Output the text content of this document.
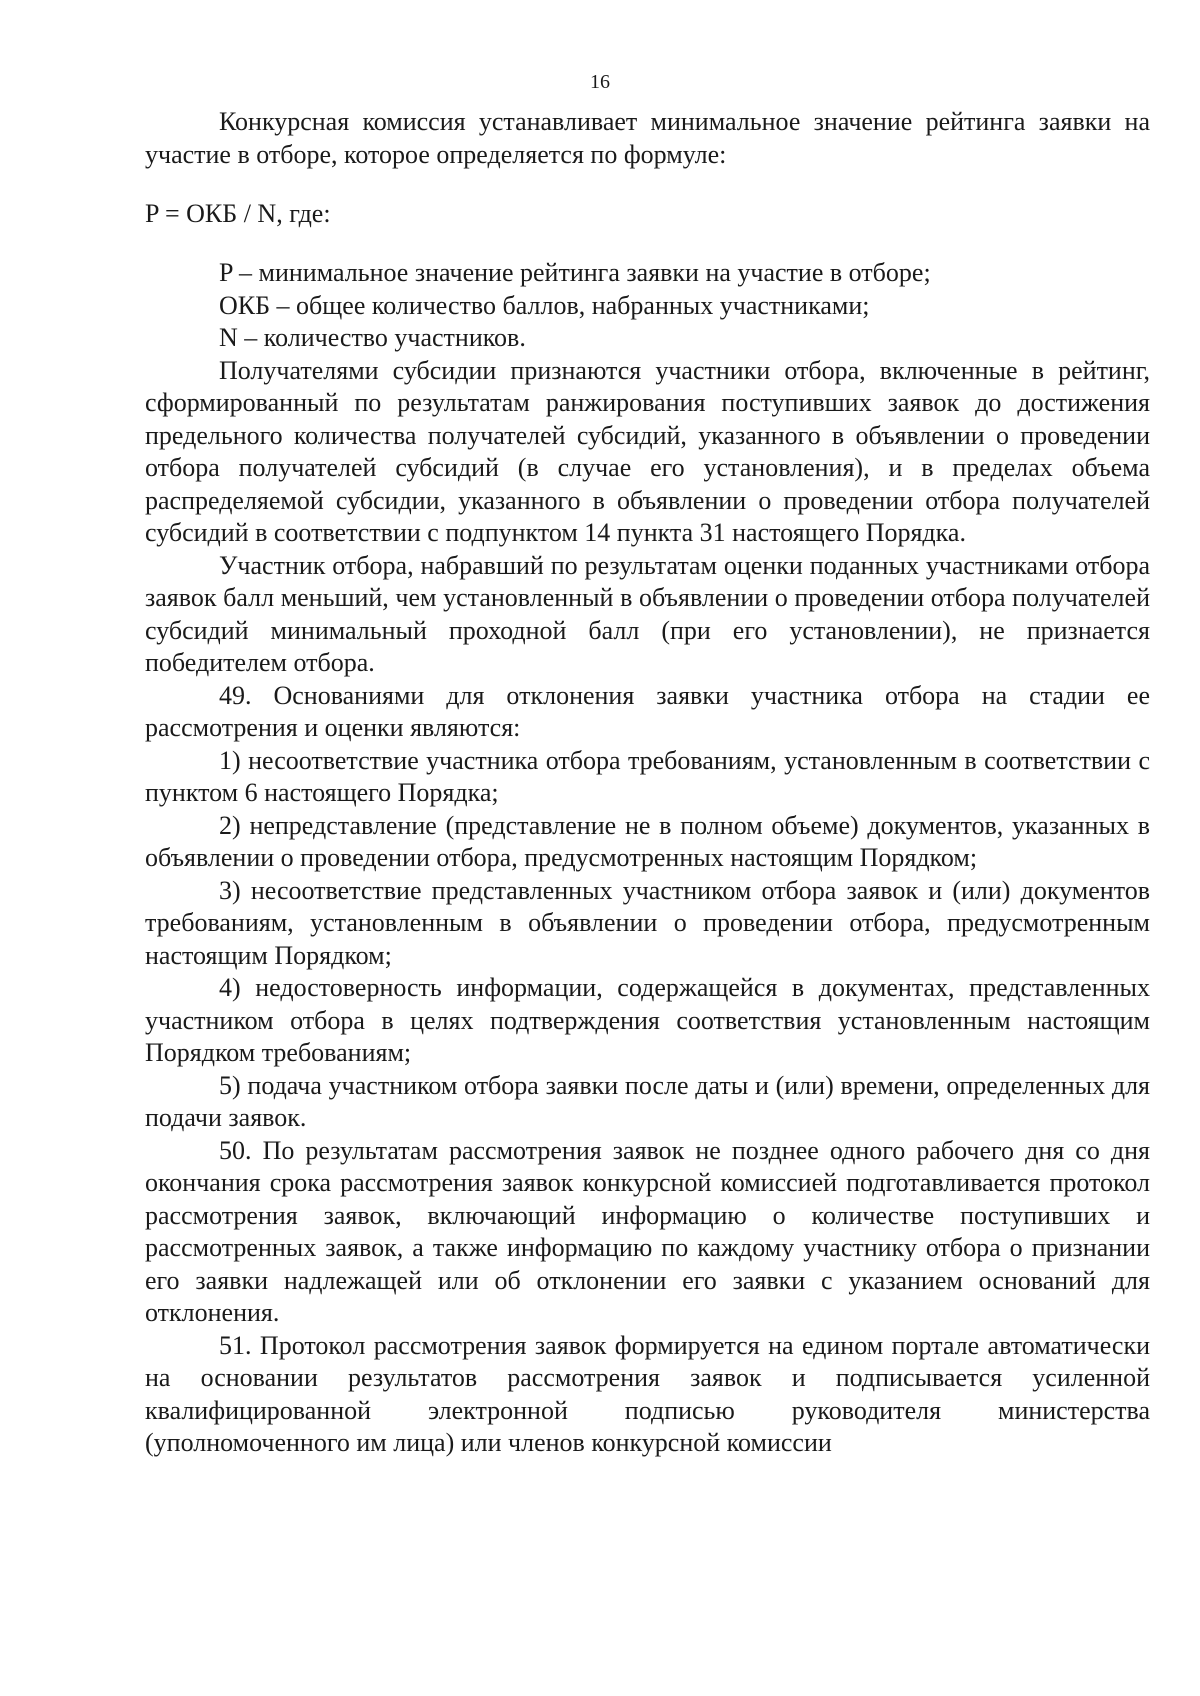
16

Конкурсная комиссия устанавливает минимальное значение рейтинга заявки на участие в отборе, которое определяется по формуле:

P = ОКБ / N, где:

P – минимальное значение рейтинга заявки на участие в отборе;

ОКБ – общее количество баллов, набранных участниками;

N – количество участников.

Получателями субсидии признаются участники отбора, включенные в рейтинг, сформированный по результатам ранжирования поступивших заявок до достижения предельного количества получателей субсидий, указанного в объявлении о проведении отбора получателей субсидий (в случае его установления), и в пределах объема распределяемой субсидии, указанного в объявлении о проведении отбора получателей субсидий в соответствии с подпунктом 14 пункта 31 настоящего Порядка.

Участник отбора, набравший по результатам оценки поданных участниками отбора заявок балл меньший, чем установленный в объявлении о проведении отбора получателей субсидий минимальный проходной балл (при его установлении), не признается победителем отбора.

49. Основаниями для отклонения заявки участника отбора на стадии ее рассмотрения и оценки являются:

1) несоответствие участника отбора требованиям, установленным в соответствии с пунктом 6 настоящего Порядка;

2) непредставление (представление не в полном объеме) документов, указанных в объявлении о проведении отбора, предусмотренных настоящим Порядком;

3) несоответствие представленных участником отбора заявок и (или) документов требованиям, установленным в объявлении о проведении отбора, предусмотренным настоящим Порядком;

4) недостоверность информации, содержащейся в документах, представленных участником отбора в целях подтверждения соответствия установленным настоящим Порядком требованиям;

5) подача участником отбора заявки после даты и (или) времени, определенных для подачи заявок.

50. По результатам рассмотрения заявок не позднее одного рабочего дня со дня окончания срока рассмотрения заявок конкурсной комиссией подготавливается протокол рассмотрения заявок, включающий информацию о количестве поступивших и рассмотренных заявок, а также информацию по каждому участнику отбора о признании его заявки надлежащей или об отклонении его заявки с указанием оснований для отклонения.

51. Протокол рассмотрения заявок формируется на едином портале автоматически на основании результатов рассмотрения заявок и подписывается усиленной квалифицированной электронной подписью руководителя министерства (уполномоченного им лица) или членов конкурсной комиссии
